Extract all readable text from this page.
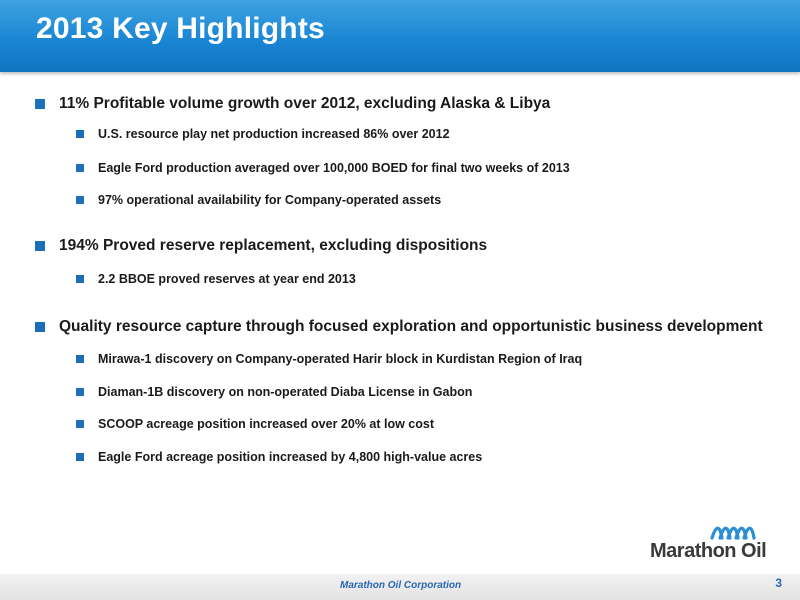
2013 Key Highlights
11% Profitable volume growth over 2012, excluding Alaska & Libya
U.S. resource play net production increased 86% over 2012
Eagle Ford production averaged over 100,000 BOED for final two weeks of 2013
97% operational availability for Company-operated assets
194% Proved reserve replacement, excluding dispositions
2.2 BBOE proved reserves at year end 2013
Quality resource capture through focused exploration and opportunistic business development
Mirawa-1 discovery on Company-operated Harir block in Kurdistan Region of Iraq
Diaman-1B discovery on non-operated Diaba License in Gabon
SCOOP acreage position increased over 20% at low cost
Eagle Ford acreage position increased by 4,800 high-value acres
Marathon Oil
Marathon Oil Corporation	3
